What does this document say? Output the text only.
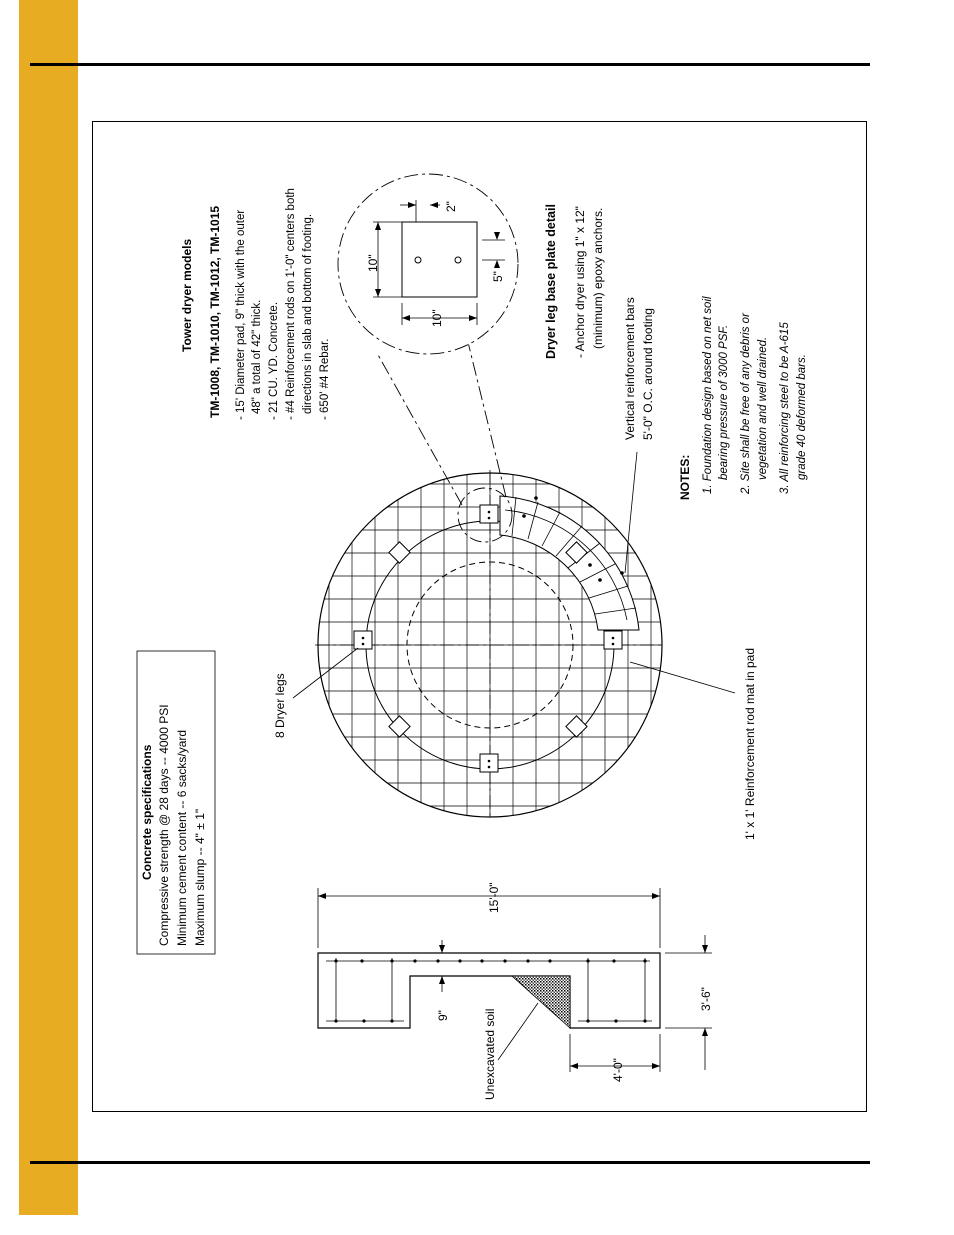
Concrete specifications Compressive strength @ 28 days -- 4000 PSI Minimum cement content -- 6 sacks/yard Maximum slump -- 4" ± 1"
Tower dryer models TM-1008, TM-1010, TM-1012, TM-1015 - 15' Diameter pad, 9" thick with the outer 48" a total of 42" thick. - 21 CU. YD. Concrete. - #4 Reinforcement rods on 1'-0" centers both directions in slab and bottom of footing. - 650' #4 Rebar.
10"
10"
2"
5"	Dryer leg base plate detail - Anchor dryer using 1" x 12" (minimum) epoxy anchors.
Vertical reinforcement bars 5'-0" O.C. around footing
NOTES: 1. Foundation design based on net soil bearing pressure of 3000 PSF. 2. Site shall be free of any debris or vegetation and well drained. 3. All reinforcing steel to be A-615 grade 40 deformed bars.
8 Dryer legs	1' x 1' Reinforcement rod mat in pad
15'-0"
9"
3'-6"
4'-0"
Unexcavated soil
